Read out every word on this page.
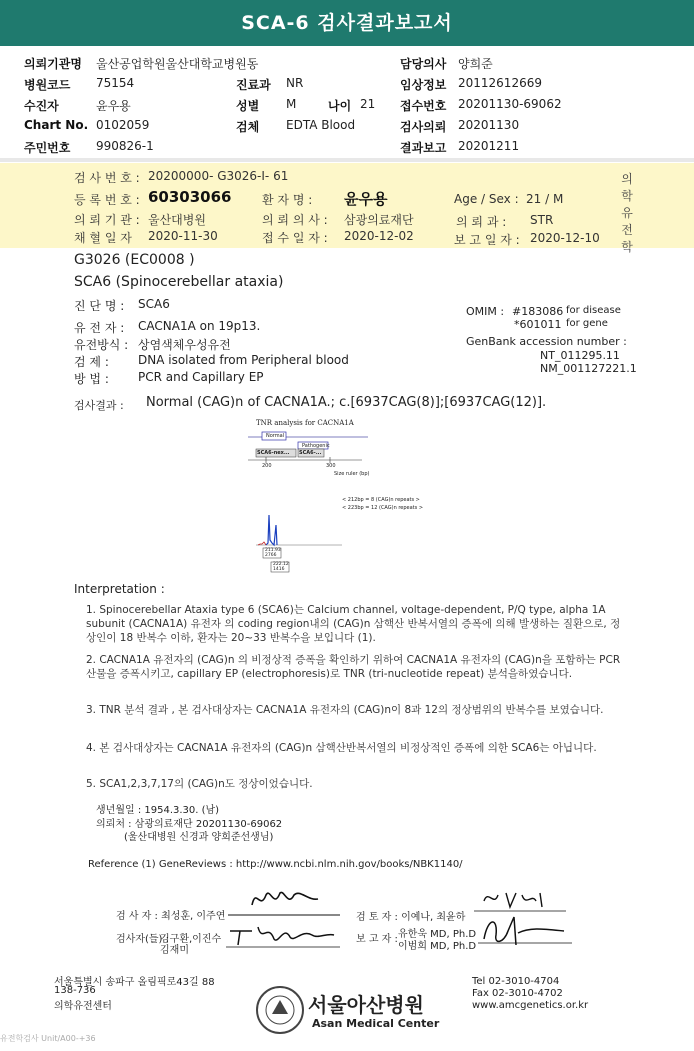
SCA-6 검사결과보고서
의뢰기관명 울산공업학원울산대학교병원동	담당의사 양희준
병원코드 75154	진료과 NR	임상정보 20112612669
수진자	윤우용	성별 M	나이 21 접수번호 20201130-69062
Chart No. 0102059	검체 EDTA Blood	검사의뢰 20201130
주민번호 990826-1	결과보고 20201211
검 사 번 호 : 20200000- G3026-I- 61
등 록 번 호 : 60303066	환 자 명 : 윤우용	Age / Sex : 21 / M
의 뢰 기 관 : 울산대병원	의 뢰 의 사 : 삼광의료재단	의 뢰 과 : STR
채 혈 일 자 2020-11-30	접 수 일 자 : 2020-12-02	보 고 일 자 : 2020-12-10
의학유전학
G3026 (EC0008 )
SCA6 (Spinocerebellar ataxia)
진 단 명 : SCA6
유 전 자 : CACNA1A on 19p13.
유전방식 : 상염색체우성유전
검 제 : DNA isolated from Peripheral blood
방 법 : PCR and Capillary EP
OMIM : #183086 for disease
*601011 for gene
GenBank accession number :
NT_011295.11
NM_001127221.1
검사결과 : Normal (CAG)n of CACNA1A.; c.[6937CAG(8)];[6937CAG(12)].
TNR analysis for CACNA1A
Normal
Pathogenic
SCA6-nex... SCA6-...
200	300
Size ruler (bp)
< 212bp = 8 (CAG)n repeats >
< 223bp = 12 (CAG)n repeats >
211.93
2766
222.12
1416
Interpretation :
1. Spinocerebellar Ataxia type 6 (SCA6)는 Calcium channel, voltage-dependent, P/Q type, alpha 1A subunit (CACNA1A) 유전자 의 coding region내의 (CAG)n 삼핵산 반복서열의 증폭에 의해 발생하는 질환으로, 정상인이 18 반복수 이하, 환자는 20~33 반복수을 보입니다 (1).
2. CACNA1A 유전자의 (CAG)n 의 비정상적 증폭을 확인하기 위하여 CACNA1A 유전자의 (CAG)n을 포함하는 PCR 산물을 증폭시키고, capillary EP (electrophoresis)로 TNR (tri-nucleotide repeat) 분석을하였습니다.
3. TNR 분석 결과 , 본 검사대상자는 CACNA1A 유전자의 (CAG)n이 8과 12의 정상범위의 반복수를 보였습니다.
4. 본 검사대상자는 CACNA1A 유전자의 (CAG)n 삼핵산반복서열의 비정상적인 증폭에 의한 SCA6는 아닙니다.
5. SCA1,2,3,7,17의 (CAG)n도 정상이었습니다.
생년월일 : 1954.3.30. (남)
의뢰처 : 삼광의료재단 20201130-69062
(울산대병원 신경과 양희준선생님)
Reference (1) GeneReviews : http://www.ncbi.nlm.nih.gov/books/NBK1140/
검 사 자 : 최성훈, 이주연	검 토 자 : 이예나, 최윤하
검사자(들) :
김구환,이진수
김재미
보 고 자 : 유한욱 MD, Ph.D
이범희 MD, Ph.D
서울특별시 송파구 올림픽로43길 88
138-736
의학유전센터	서울아산병원
Asan Medical Center
Tel 02-3010-4704
Fax 02-3010-4702
www.amcgenetics.or.kr
유전학검사 Unit/A00-+36
